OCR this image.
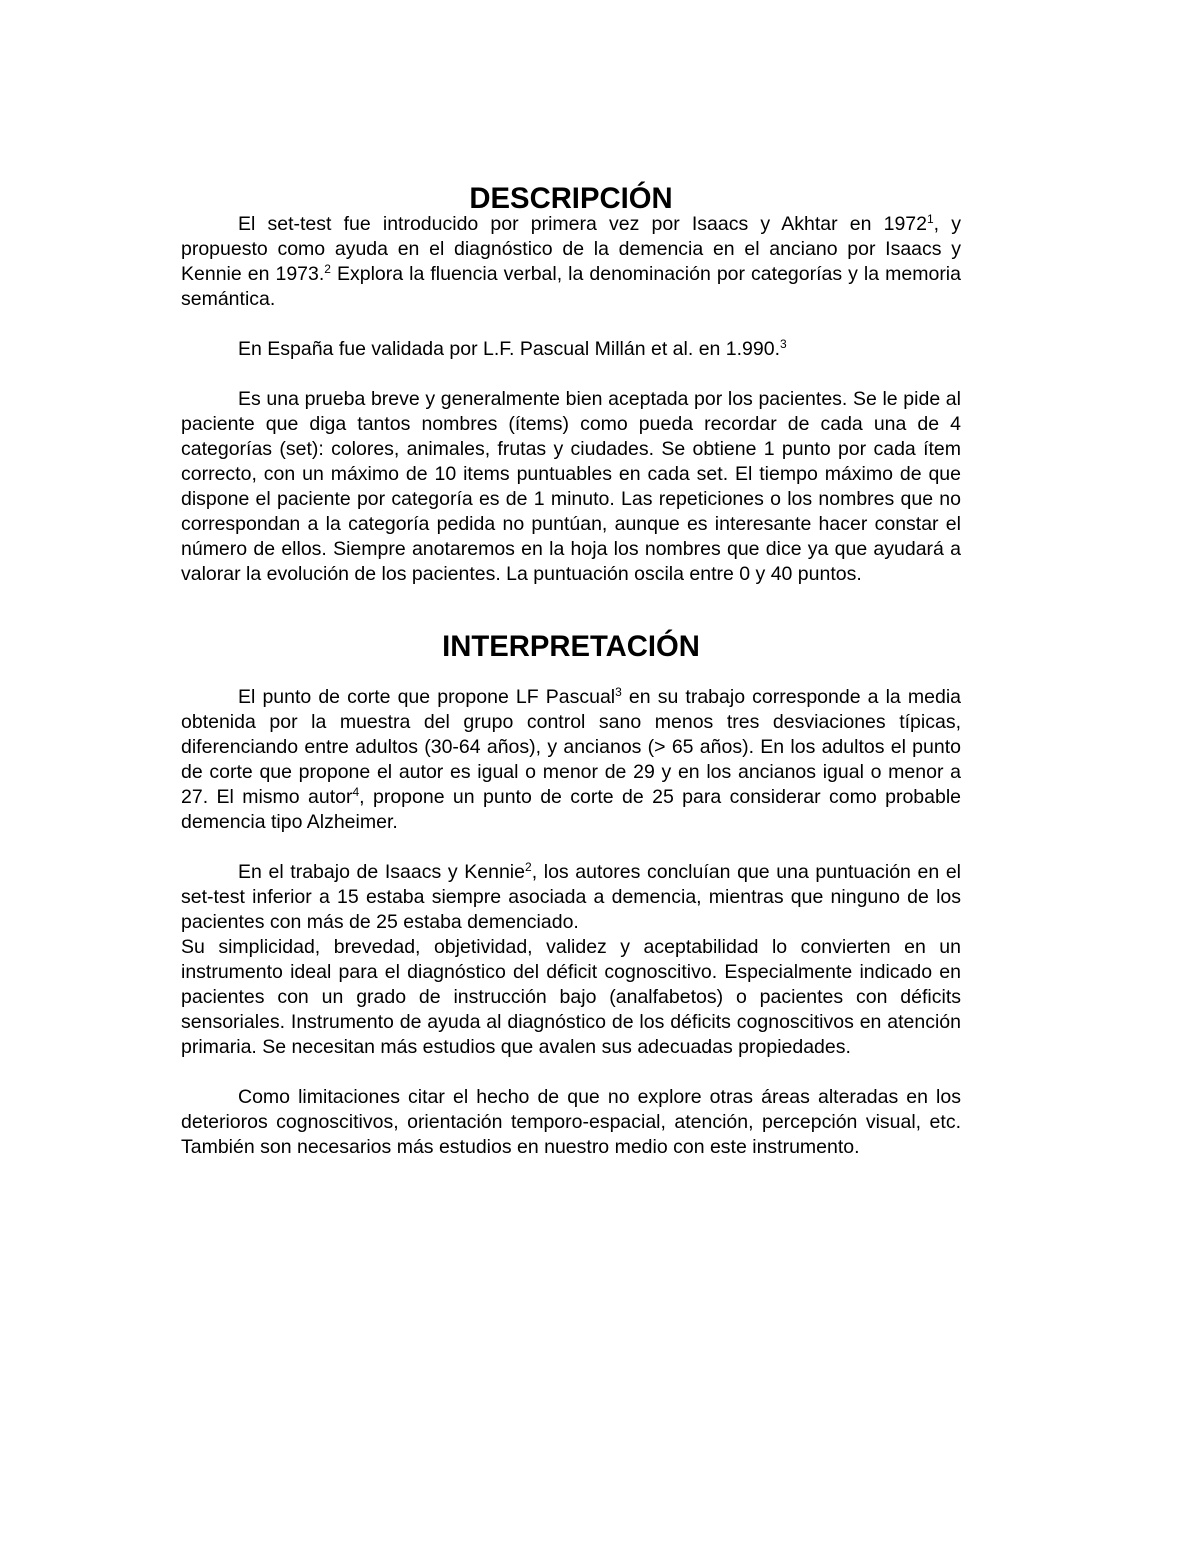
DESCRIPCIÓN

El set-test fue introducido por primera vez por Isaacs y Akhtar en 1972$^1$, y propuesto como ayuda en el diagnóstico de la demencia en el anciano por Isaacs y Kennie en 1973.$^2$ Explora la fluencia verbal, la denominación por categorías y la memoria semántica.

En España fue validada por L.F. Pascual Millán et al. en 1.990.$^3$

Es una prueba breve y generalmente bien aceptada por los pacientes. Se le pide al paciente que diga tantos nombres (ítems) como pueda recordar de cada una de 4 categorías (set): colores, animales, frutas y ciudades. Se obtiene 1 punto por cada ítem correcto, con un máximo de 10 items puntuables en cada set. El tiempo máximo de que dispone el paciente por categoría es de 1 minuto. Las repeticiones o los nombres que no correspondan a la categoría pedida no puntúan, aunque es interesante hacer constar el número de ellos. Siempre anotaremos en la hoja los nombres que dice ya que ayudará a valorar la evolución de los pacientes. La puntuación oscila entre 0 y 40 puntos.

INTERPRETACIÓN

El punto de corte que propone LF Pascual$^3$ en su trabajo corresponde a la media obtenida por la muestra del grupo control sano menos tres desviaciones típicas, diferenciando entre adultos (30-64 años), y ancianos (> 65 años). En los adultos el punto de corte que propone el autor es igual o menor de 29 y en los ancianos igual o menor a 27. El mismo autor$^4$, propone un punto de corte de 25 para considerar como probable demencia tipo Alzheimer.

En el trabajo de Isaacs y Kennie$^2$, los autores concluían que una puntuación en el set-test inferior a 15 estaba siempre asociada a demencia, mientras que ninguno de los pacientes con más de 25 estaba demenciado.

Su simplicidad, brevedad, objetividad, validez y aceptabilidad lo convierten en un instrumento ideal para el diagnóstico del déficit cognoscitivo. Especialmente indicado en pacientes con un grado de instrucción bajo (analfabetos) o pacientes con déficits sensoriales. Instrumento de ayuda al diagnóstico de los déficits cognoscitivos en atención primaria. Se necesitan más estudios que avalen sus adecuadas propiedades.

Como limitaciones citar el hecho de que no explore otras áreas alteradas en los deterioros cognoscitivos, orientación temporo-espacial, atención, percepción visual, etc. También son necesarios más estudios en nuestro medio con este instrumento.
